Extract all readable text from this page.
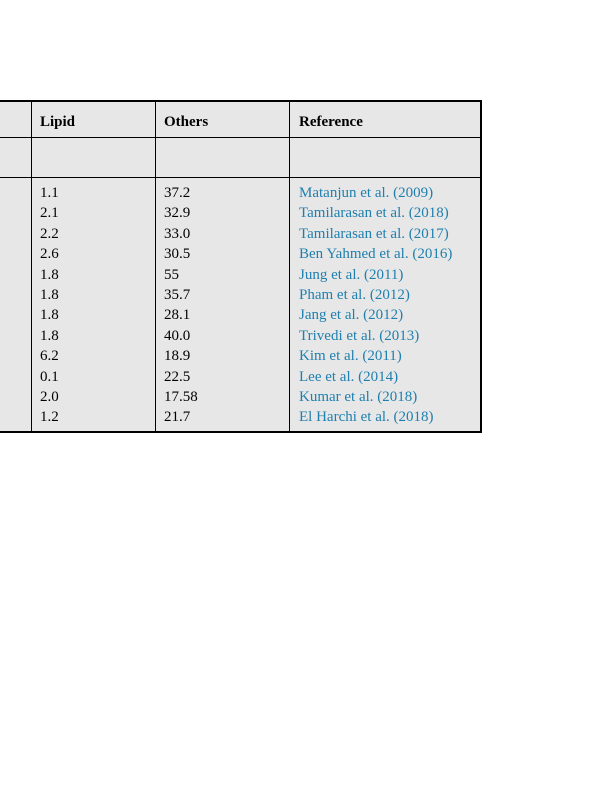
Lipid	Others	Reference
1.1
2.1
2.2
2.6
1.8
1.8
1.8
1.8
6.2
0.1
2.0
1.2
37.2
32.9
33.0
30.5
55
35.7
28.1
40.0
18.9
22.5
17.58
21.7
Matanjun et al. (2009)
Tamilarasan et al. (2018)
Tamilarasan et al. (2017)
Ben Yahmed et al. (2016)
Jung et al. (2011)
Pham et al. (2012)
Jang et al. (2012)
Trivedi et al. (2013)
Kim et al. (2011)
Lee et al. (2014)
Kumar et al. (2018)
El Harchi et al. (2018)
